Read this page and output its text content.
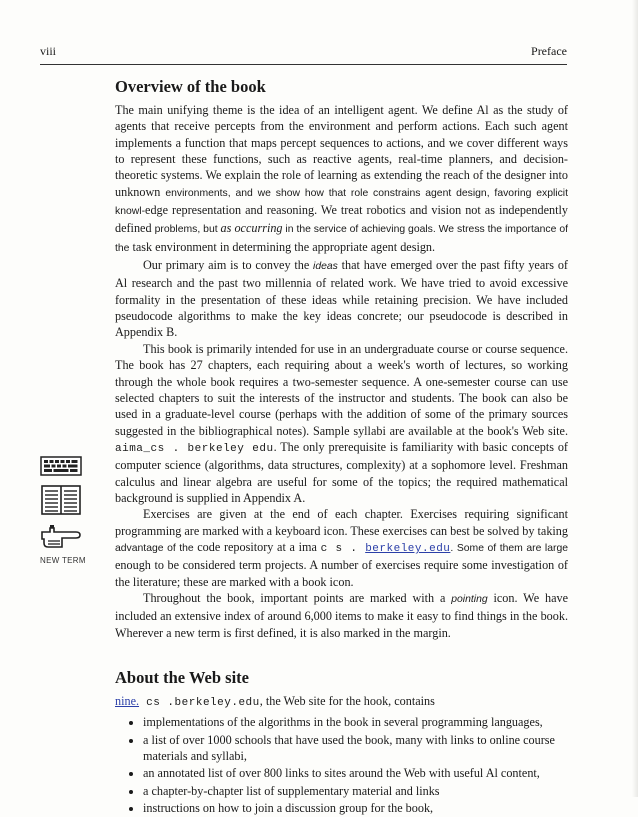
viii	Preface
NEW TERM
Overview of the book

The main unifying theme is the idea of an intelligent agent. We define Al as the study of agents that receive percepts from the environment and perform actions. Each such agent implements a function that maps percept sequences to actions, and we cover different ways to represent these functions, such as reactive agents, real-time planners, and decision-theoretic systems. We explain the role of learning as extending the reach of the designer into unknown environments, and we show how that role constrains agent design, favoring explicit knowl-edge representation and reasoning. We treat robotics and vision not as independently defined problems, but as occurring in the service of achieving goals. We stress the importance of the task environment in determining the appropriate agent design.

Our primary aim is to convey the ideas that have emerged over the past fifty years of Al research and the past two millennia of related work. We have tried to avoid excessive formality in the presentation of these ideas while retaining precision. We have included pseudocode algorithms to make the key ideas concrete; our pseudocode is described in Appendix B.

This book is primarily intended for use in an undergraduate course or course sequence. The book has 27 chapters, each requiring about a week's worth of lectures, so working through the whole book requires a two-semester sequence. A one-semester course can use selected chapters to suit the interests of the instructor and students. The book can also be used in a graduate-level course (perhaps with the addition of some of the primary sources suggested in the bibliographical notes). Sample syllabi are available at the book's Web site. aima_cs . berkeley edu. The only prerequisite is familiarity with basic concepts of computer science (algorithms, data structures, complexity) at a sophomore level. Freshman calculus and linear algebra are useful for some of the topics; the required mathematical background is supplied in Appendix A.

Exercises are given at the end of each chapter. Exercises requiring significant programming are marked with a keyboard icon. These exercises can best be solved by taking advantage of the code repository at a ima c s . berkeley.edu. Some of them are large enough to be considered term projects. A number of exercises require some investigation of the literature; these are marked with a book icon.

Throughout the book, important points are marked with a pointing icon. We have included an extensive index of around 6,000 items to make it easy to find things in the book. Wherever a new term is first defined, it is also marked in the margin.

About the Web site

nine. cs .berkeley.edu, the Web site for the hook, contains

• implementations of the algorithms in the book in several programming languages,
• a list of over 1000 schools that have used the book, many with links to online course materials and syllabi,
• an annotated list of over 800 links to sites around the Web with useful Al content,
• a chapter-by-chapter list of supplementary material and links
• instructions on how to join a discussion group for the book,
